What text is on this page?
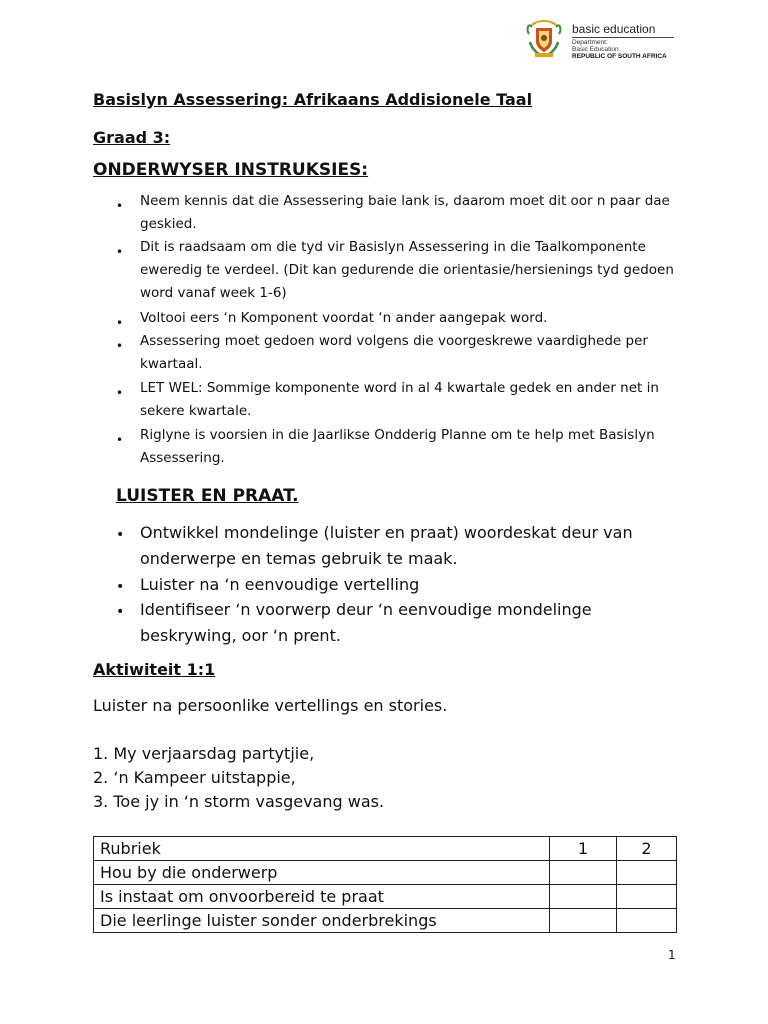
basic education
Department:
Basic Education
REPUBLIC OF SOUTH AFRICA
Basislyn Assessering: Afrikaans Addisionele Taal
Graad 3:
ONDERWYSER INSTRUKSIES:
• Neem kennis dat die Assessering baie lank is, daarom moet dit oor n paar dae geskied.
• Dit is raadsaam om die tyd vir Basislyn Assessering in die Taalkomponente eweredig te verdeel. (Dit kan gedurende die orientasie/hersienings tyd gedoen word vanaf week 1-6)
• Voltooi eers ‘n Komponent voordat ‘n ander aangepak word.
• Assessering moet gedoen word volgens die voorgeskrewe vaardighede per kwartaal.
• LET WEL: Sommige komponente word in al 4 kwartale gedek en ander net in sekere kwartale.
• Riglyne is voorsien in die Jaarlikse Ondderig Planne om te help met Basislyn Assessering.
LUISTER EN PRAAT.
• Ontwikkel mondelinge (luister en praat) woordeskat deur van onderwerpe en temas gebruik te maak.
• Luister na ‘n eenvoudige vertelling
• Identifiseer ‘n voorwerp deur ‘n eenvoudige mondelinge beskrywing, oor ‘n prent.
Aktiwiteit 1:1
Luister na persoonlike vertellings en stories.
1. My verjaarsdag partytjie,
2. ‘n Kampeer uitstappie,
3. Toe jy in ‘n storm vasgevang was.
Rubriek	1	2
Hou by die onderwerp		
Is instaat om onvoorbereid te praat		
Die leerlinge luister sonder onderbrekings		
1
